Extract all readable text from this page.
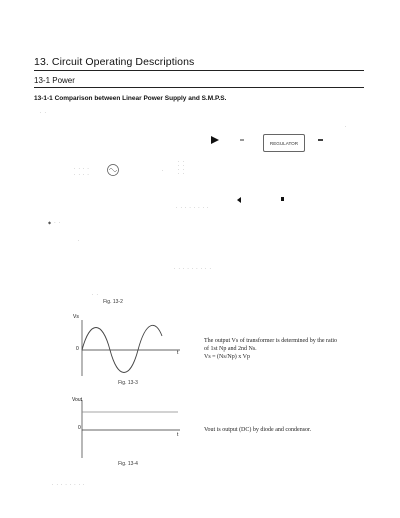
13. Circuit Operating Descriptions
13-1 Power
13-1-1 Comparison between Linear Power Supply and S.M.P.S.
· ·
·
REGULATOR
· · · ·
· · · ·
·
·
·
·
·
·
·
·
·
· · · · · · · ·
◆ · ·
·
· · · · · · · · ·
· ·
Fig. 13-2
Vs
0
t
Fig. 13-3
The output Vs of transformer is determined by the ratio
of 1st Np and 2nd Ns.
Vs = (Ns/Np) x Vp
Vout
0
t
Fig. 13-4
Vout is output (DC) by diode and condensor.
· · · · · · · ·
